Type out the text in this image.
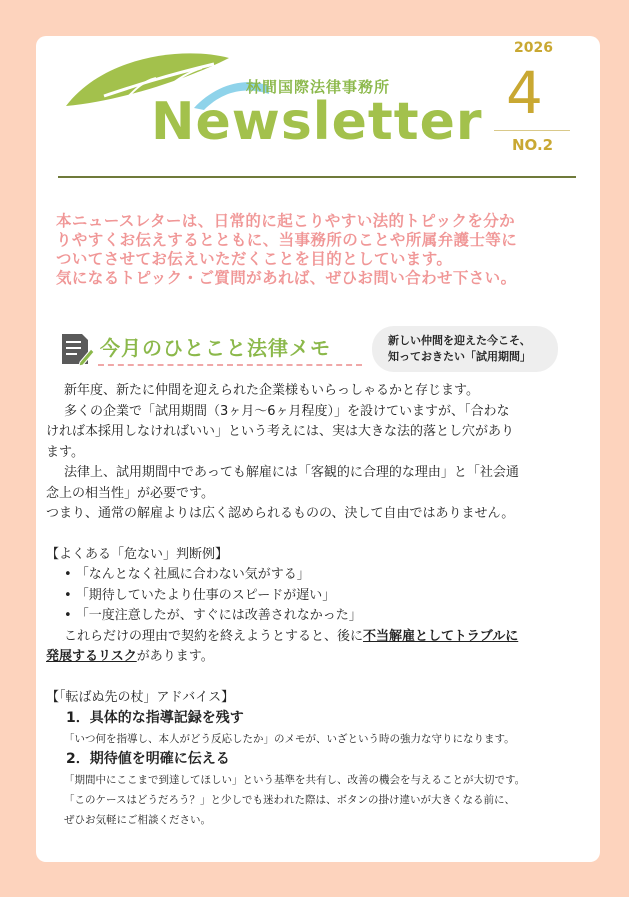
林間国際法律事務所
Newsletter
2026
4
NO.2
本ニュースレターは、日常的に起こりやすい法的トピックを分か
りやすくお伝えするとともに、当事務所のことや所属弁護士等に
ついてさせてお伝えいただくことを目的としています。
気になるトピック・ご質問があれば、ぜひお問い合わせ下さい。
今月のひとこと法律メモ	新しい仲間を迎えた今こそ、
知っておきたい「試用期間」
新年度、新たに仲間を迎えられた企業様もいらっしゃるかと存じます。
多くの企業で「試用期間（3ヶ月〜6ヶ月程度）」を設けていますが、「合わな
ければ本採用しなければいい」という考えには、実は大きな法的落とし穴があり
ます。
法律上、試用期間中であっても解雇には「客観的に合理的な理由」と「社会通
念上の相当性」が必要です。
つまり、通常の解雇よりは広く認められるものの、決して自由ではありません。
【よくある「危ない」判断例】
• 「なんとなく社風に合わない気がする」
• 「期待していたより仕事のスピードが遅い」
• 「一度注意したが、すぐには改善されなかった」
これらだけの理由で契約を終えようとすると、後に不当解雇としてトラブルに
発展するリスクがあります。
【「転ばぬ先の杖」アドバイス】
1．具体的な指導記録を残す
「いつ何を指導し、本人がどう反応したか」のメモが、いざという時の強力な守りになります。
2．期待値を明確に伝える
「期間中にここまで到達してほしい」という基準を共有し、改善の機会を与えることが大切です。
「このケースはどうだろう？」と少しでも迷われた際は、ボタンの掛け違いが大きくなる前に、
ぜひお気軽にご相談ください。
